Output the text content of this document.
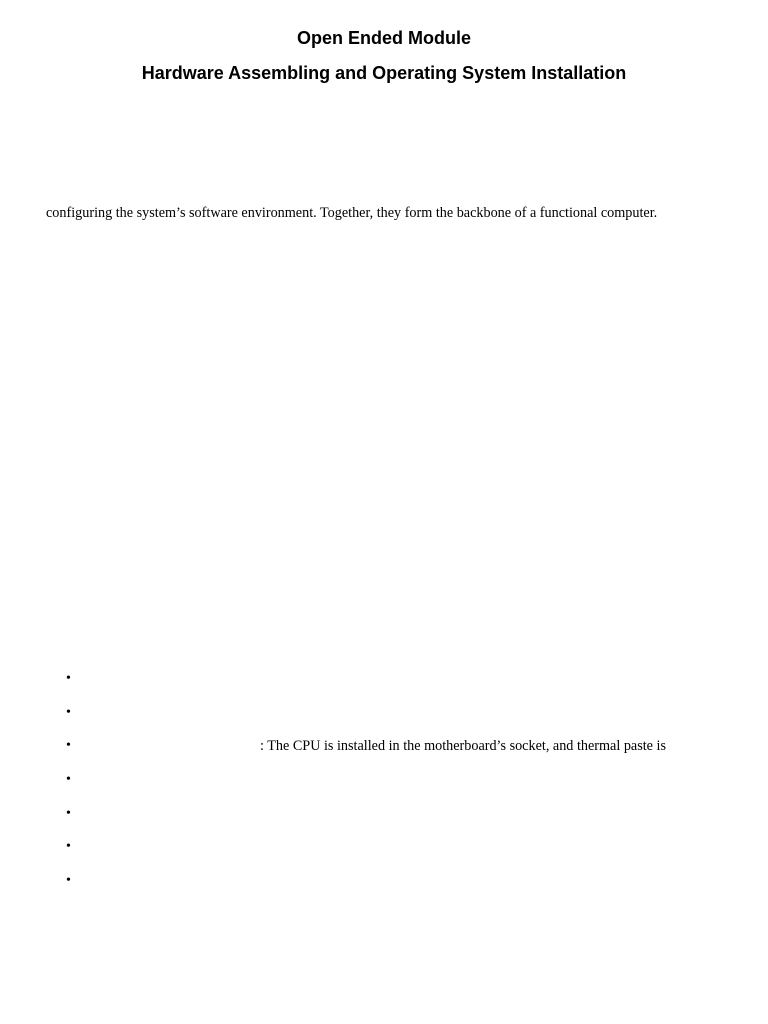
Open Ended Module
Hardware Assembling and Operating System Installation

configuring the system’s software environment. Together, they form the backbone of a functional computer.

•
•
•	: The CPU is installed in the motherboard’s socket, and thermal paste is
•
•
•
•
